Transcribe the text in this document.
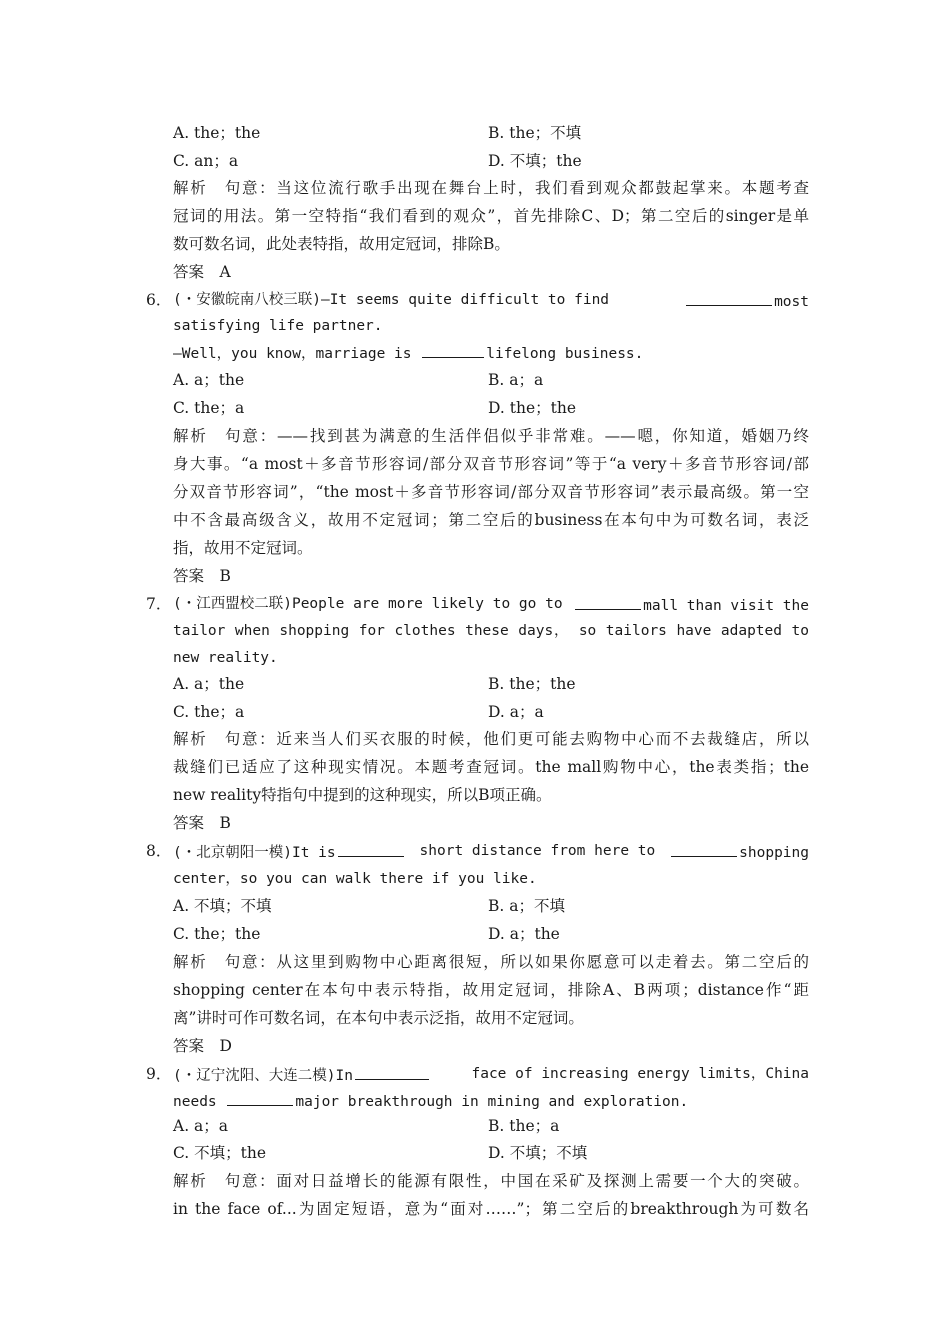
A. the；the	B. the；不填
C. an；a	D. 不填；the
解析　句意：当这位流行歌手出现在舞台上时，我们看到观众都鼓起掌来。本题考查
冠词的用法。第一空特指“我们看到的观众”，首先排除C、D；第二空后的singer是单
数可数名词，此处表特指，故用定冠词，排除B。
答案　A
6． (・安徽皖南八校三联)—It seems quite difficult to find	most
satisfying life partner.
—Well，you know，marriage is	lifelong business.
A. a；the	B. a；a
C. the；a	D. the；the
解析　句意：——找到甚为满意的生活伴侣似乎非常难。——嗯，你知道，婚姻乃终
身大事。“a most＋多音节形容词/部分双音节形容词”等于“a very＋多音节形容词/部
分双音节形容词”，“the most＋多音节形容词/部分双音节形容词”表示最高级。第一空
中不含最高级含义，故用不定冠词；第二空后的business在本句中为可数名词，表泛
指，故用不定冠词。
答案　B
7． (・江西盟校二联)People are more likely to go to	mall than visit the
tailor when shopping for clothes these days， so tailors have adapted to
new reality.
A. a；the	B. the；the
C. the；a	D. a；a
解析　句意：近来当人们买衣服的时候，他们更可能去购物中心而不去裁缝店，所以
裁缝们已适应了这种现实情况。本题考查冠词。the mall购物中心，the表类指；the
new reality特指句中提到的这种现实，所以B项正确。
答案　B
8． (・北京朝阳一模)It is	short distance from here to	shopping
center，so you can walk there if you like.
A. 不填；不填	B. a；不填
C. the；the	D. a；the
解析　句意：从这里到购物中心距离很短，所以如果你愿意可以走着去。第二空后的
shopping center在本句中表示特指，故用定冠词，排除A、B两项；distance作“距
离”讲时可作可数名词，在本句中表示泛指，故用不定冠词。
答案　D
9． (・辽宁沈阳、大连二模)In	face of increasing energy limits，China
needs	major breakthrough in mining and exploration.
A. a；a	B. the；a
C. 不填；the	D. 不填；不填
解析　句意：面对日益增长的能源有限性，中国在采矿及探测上需要一个大的突破。
in the face of...为固定短语，意为“面对……”；第二空后的breakthrough为可数名
